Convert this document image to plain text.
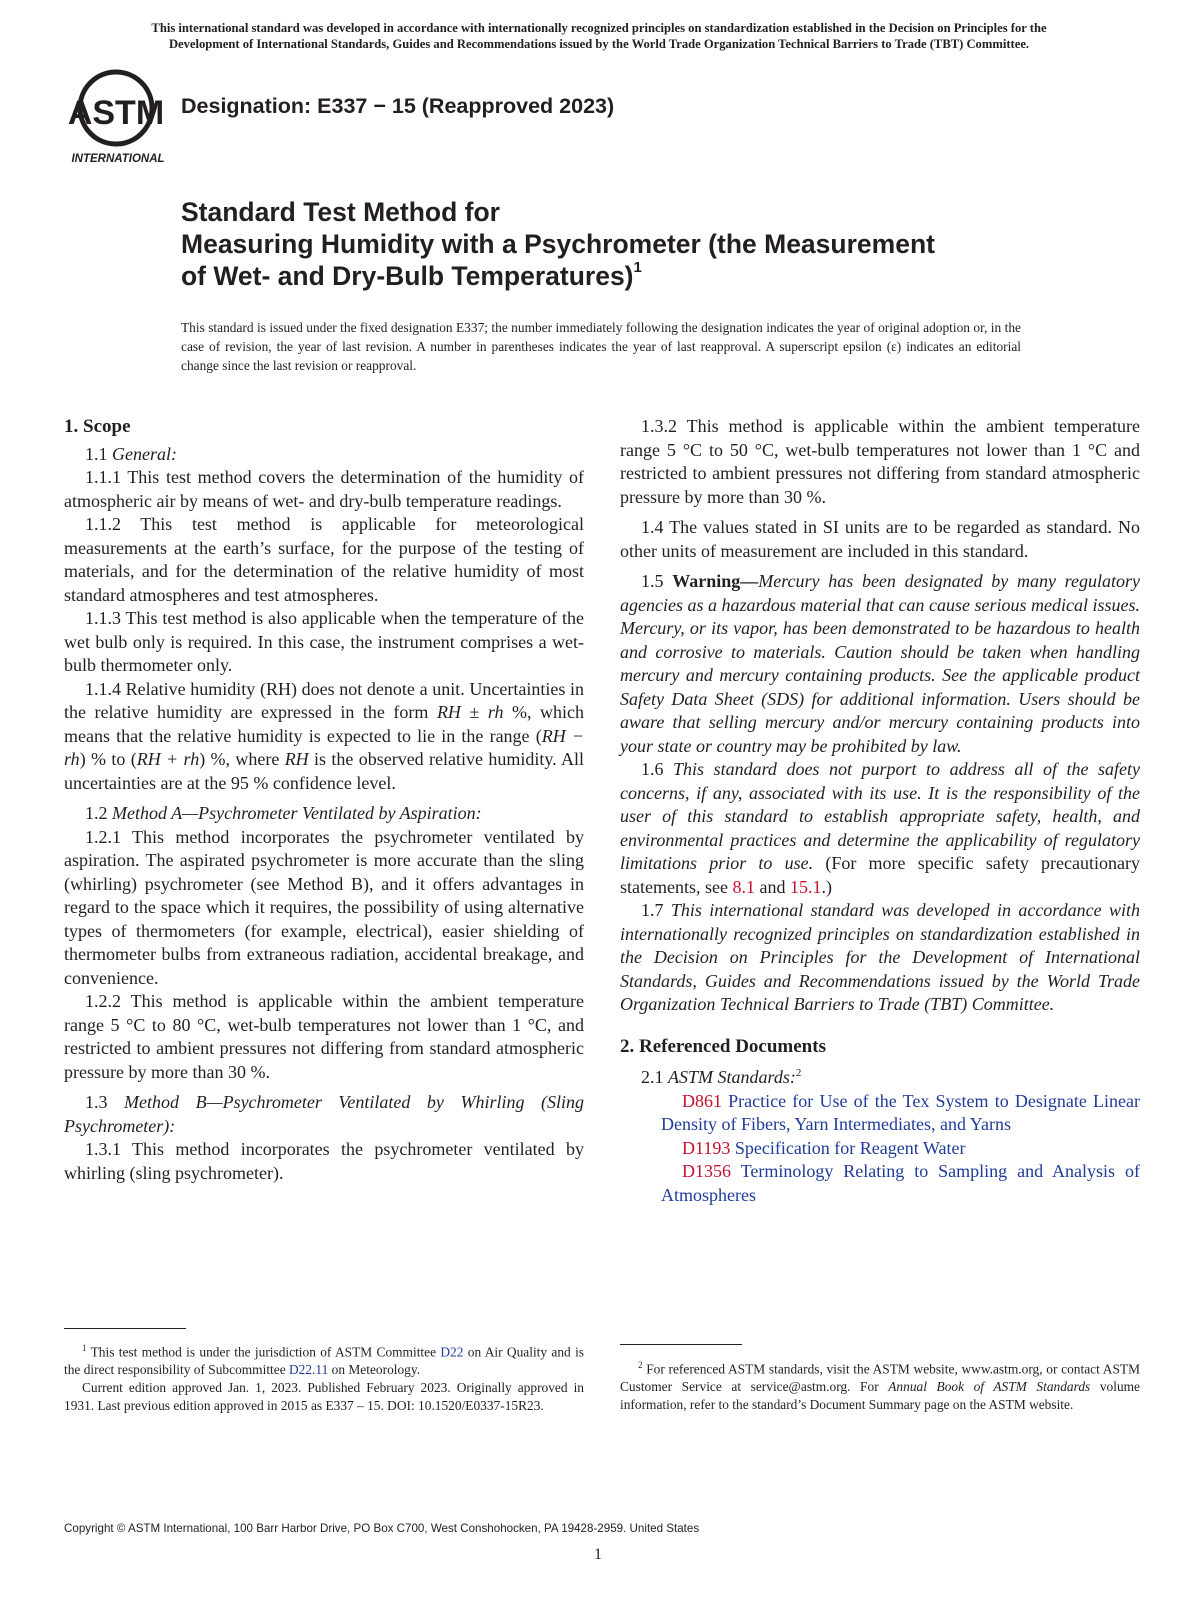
This international standard was developed in accordance with internationally recognized principles on standardization established in the Decision on Principles for the
Development of International Standards, Guides and Recommendations issued by the World Trade Organization Technical Barriers to Trade (TBT) Committee.
ASTM
INTERNATIONAL
Designation: E337 − 15 (Reapproved 2023)
Standard Test Method for
Measuring Humidity with a Psychrometer (the Measurement
of Wet- and Dry-Bulb Temperatures)$^1$
This standard is issued under the fixed designation E337; the number immediately following the designation indicates the year of original adoption or, in the case of revision, the year of last revision. A number in parentheses indicates the year of last reapproval. A superscript epsilon (ε) indicates an editorial change since the last revision or reapproval.
1. Scope

1.1 General:

1.1.1 This test method covers the determination of the humidity of atmospheric air by means of wet- and dry-bulb temperature readings.

1.1.2 This test method is applicable for meteorological measurements at the earth’s surface, for the purpose of the testing of materials, and for the determination of the relative humidity of most standard atmospheres and test atmospheres.

1.1.3 This test method is also applicable when the temperature of the wet bulb only is required. In this case, the instrument comprises a wet-bulb thermometer only.

1.1.4 Relative humidity (RH) does not denote a unit. Uncertainties in the relative humidity are expressed in the form RH ± rh %, which means that the relative humidity is expected to lie in the range (RH − rh) % to (RH + rh) %, where RH is the observed relative humidity. All uncertainties are at the 95 % confidence level.

1.2 Method A—Psychrometer Ventilated by Aspiration:

1.2.1 This method incorporates the psychrometer ventilated by aspiration. The aspirated psychrometer is more accurate than the sling (whirling) psychrometer (see Method B), and it offers advantages in regard to the space which it requires, the possibility of using alternative types of thermometers (for example, electrical), easier shielding of thermometer bulbs from extraneous radiation, accidental breakage, and convenience.

1.2.2 This method is applicable within the ambient temperature range 5 °C to 80 °C, wet-bulb temperatures not lower than 1 °C, and restricted to ambient pressures not differing from standard atmospheric pressure by more than 30 %.

1.3 Method B—Psychrometer Ventilated by Whirling (Sling Psychrometer):

1.3.1 This method incorporates the psychrometer ventilated by whirling (sling psychrometer).

1.3.2 This method is applicable within the ambient temperature range 5 °C to 50 °C, wet-bulb temperatures not lower than 1 °C and restricted to ambient pressures not differing from standard atmospheric pressure by more than 30 %.

1.4 The values stated in SI units are to be regarded as standard. No other units of measurement are included in this standard.

1.5 Warning—Mercury has been designated by many regulatory agencies as a hazardous material that can cause serious medical issues. Mercury, or its vapor, has been demonstrated to be hazardous to health and corrosive to materials. Caution should be taken when handling mercury and mercury containing products. See the applicable product Safety Data Sheet (SDS) for additional information. Users should be aware that selling mercury and/or mercury containing products into your state or country may be prohibited by law.

1.6 This standard does not purport to address all of the safety concerns, if any, associated with its use. It is the responsibility of the user of this standard to establish appropriate safety, health, and environmental practices and determine the applicability of regulatory limitations prior to use. (For more specific safety precautionary statements, see 8.1 and 15.1.)

1.7 This international standard was developed in accordance with internationally recognized principles on standardization established in the Decision on Principles for the Development of International Standards, Guides and Recommendations issued by the World Trade Organization Technical Barriers to Trade (TBT) Committee.

2. Referenced Documents

2.1 ASTM Standards:$^2$

D861 Practice for Use of the Tex System to Designate Linear Density of Fibers, Yarn Intermediates, and Yarns

D1193 Specification for Reagent Water

D1356 Terminology Relating to Sampling and Analysis of Atmospheres

$^1$ This test method is under the jurisdiction of ASTM Committee D22 on Air Quality and is the direct responsibility of Subcommittee D22.11 on Meteorology.

Current edition approved Jan. 1, 2023. Published February 2023. Originally approved in 1931. Last previous edition approved in 2015 as E337 – 15. DOI: 10.1520/E0337-15R23.

$^2$ For referenced ASTM standards, visit the ASTM website, www.astm.org, or contact ASTM Customer Service at service@astm.org. For Annual Book of ASTM Standards volume information, refer to the standard’s Document Summary page on the ASTM website.

Copyright © ASTM International, 100 Barr Harbor Drive, PO Box C700, West Conshohocken, PA 19428-2959. United States
1
